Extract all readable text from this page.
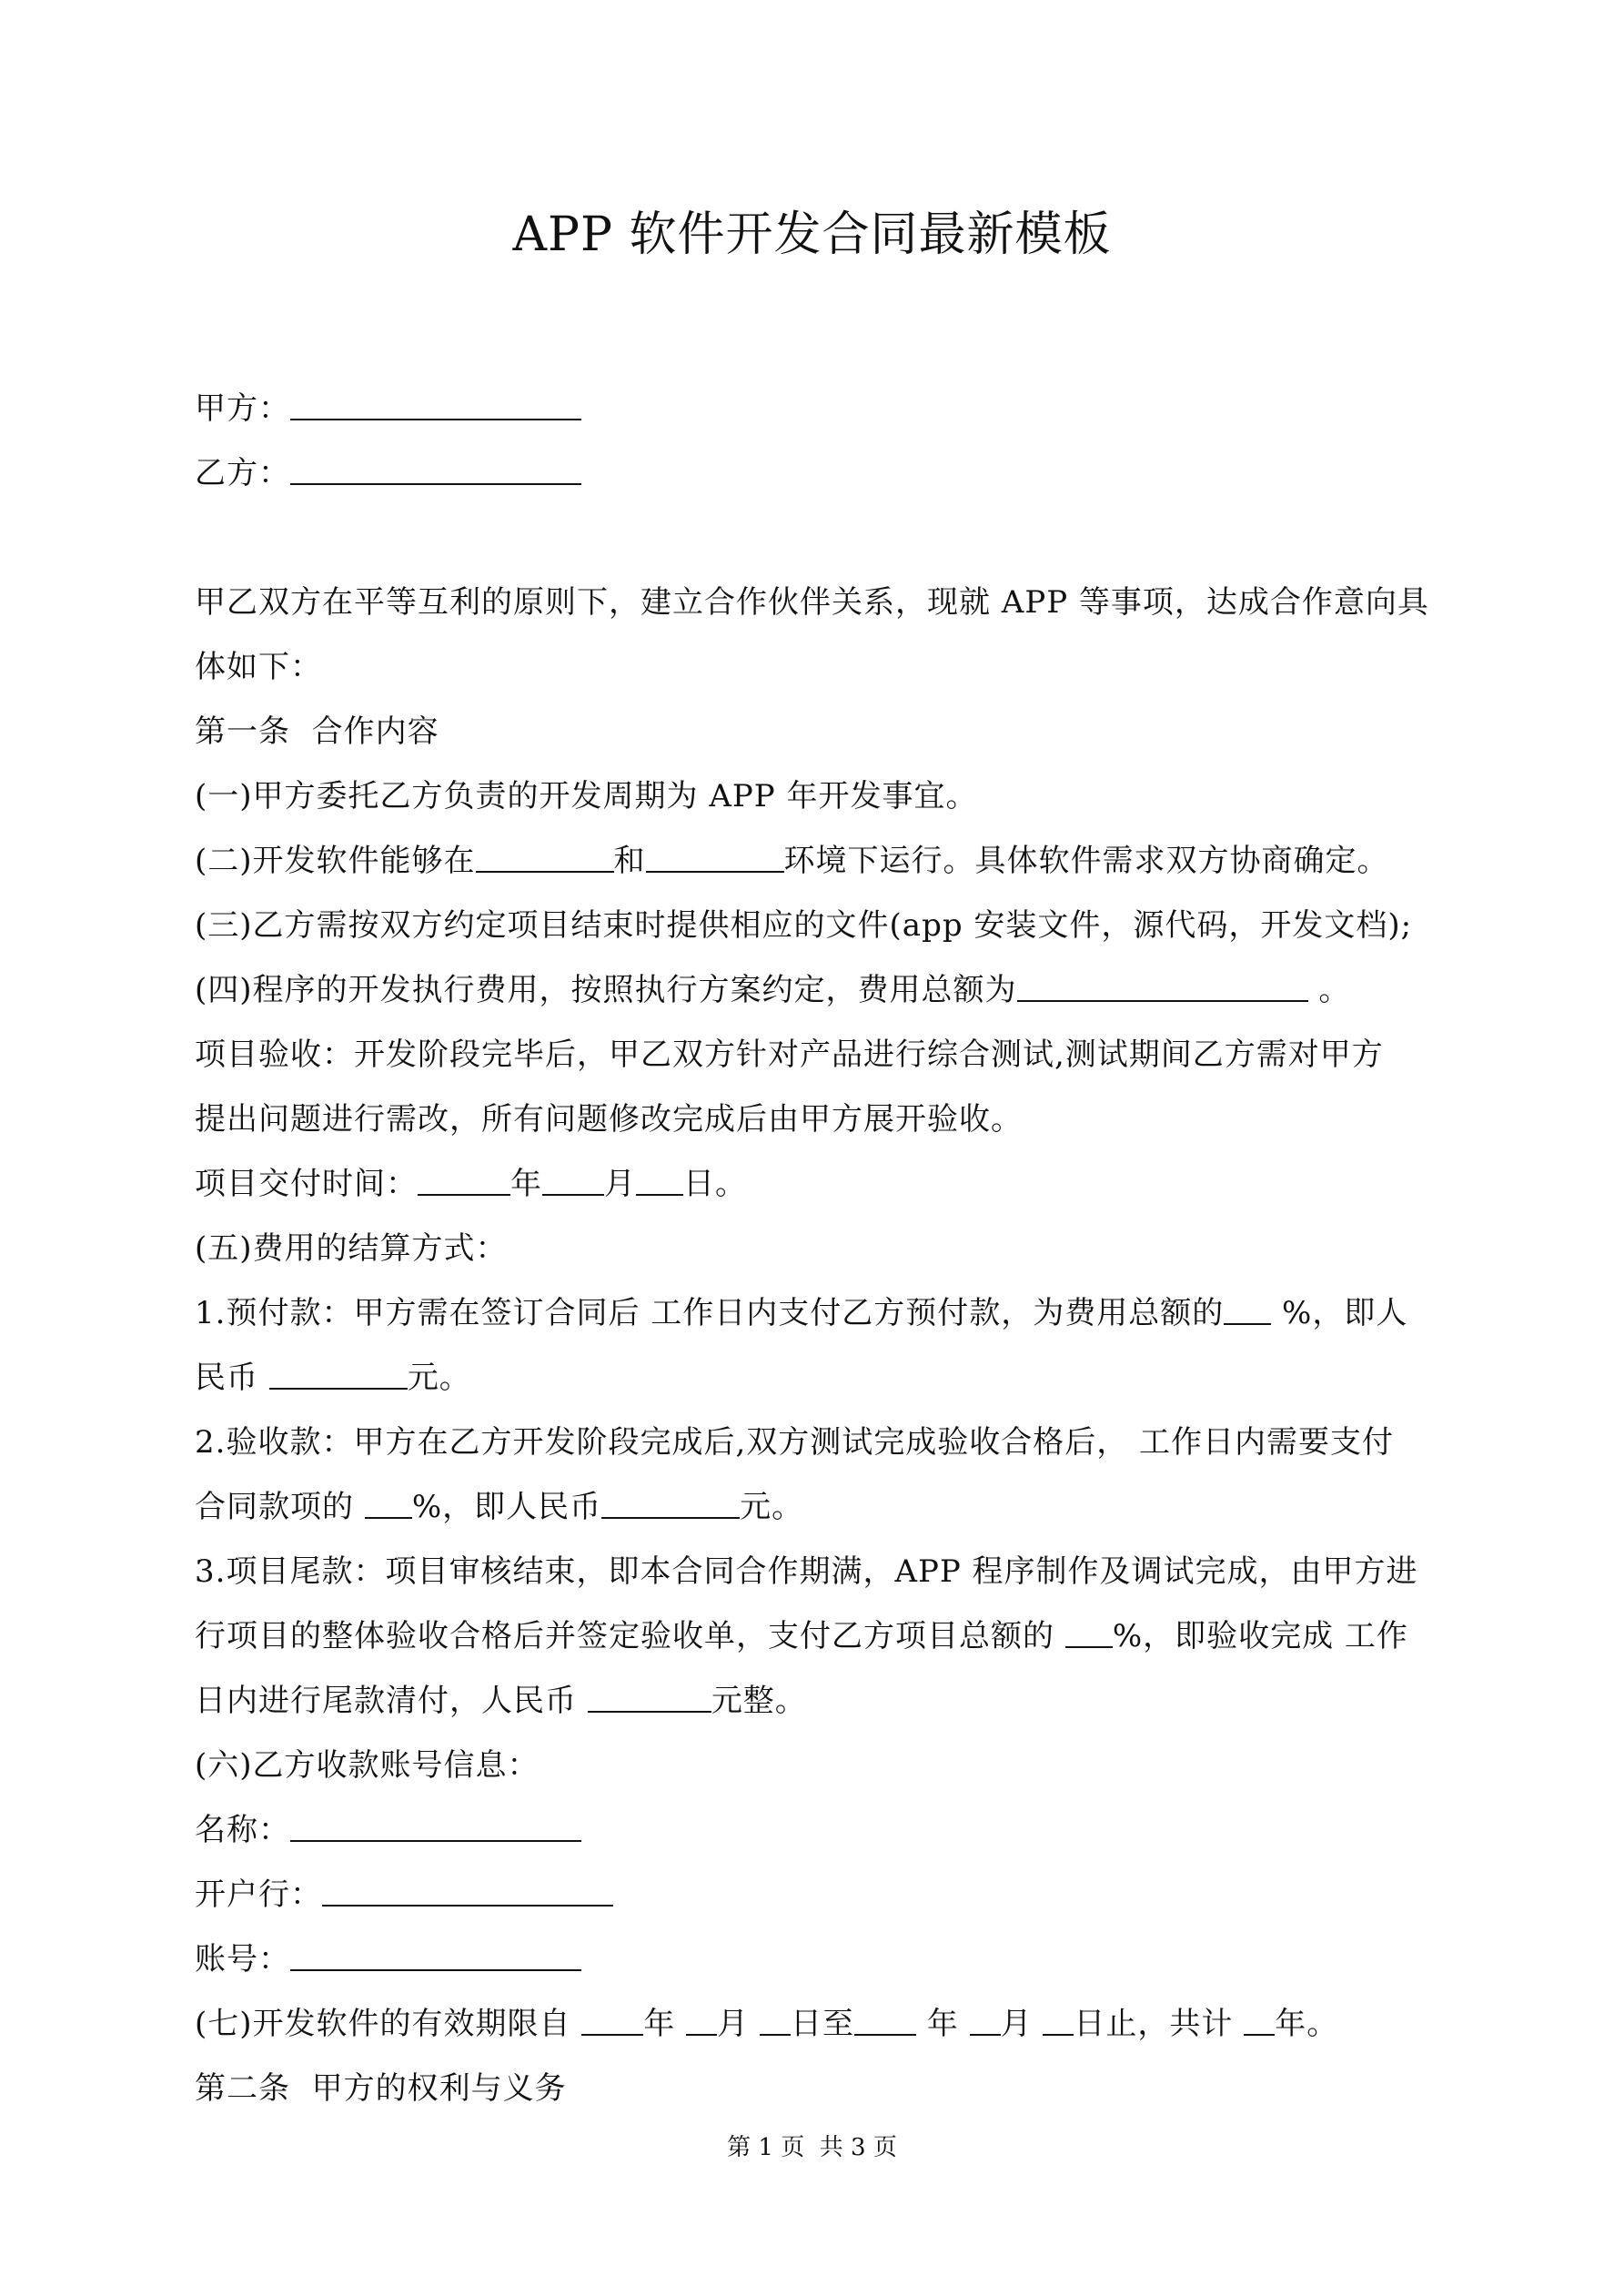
APP 软件开发合同最新模板
甲方：
乙方：
甲乙双方在平等互利的原则下，建立合作伙伴关系，现就 APP 等事项，达成合作意向具
体如下：
第一条  合作内容
(一)甲方委托乙方负责的开发周期为 APP 年开发事宜。
(二)开发软件能够在	和	环境下运行。具体软件需求双方协商确定。
(三)乙方需按双方约定项目结束时提供相应的文件(app 安装文件，源代码，开发文档);
(四)程序的开发执行费用，按照执行方案约定，费用总额为	。
项目验收：开发阶段完毕后，甲乙双方针对产品进行综合测试,测试期间乙方需对甲方
提出问题进行需改，所有问题修改完成后由甲方展开验收。
项目交付时间：	年 月 日。
(五)费用的结算方式：
1.预付款：甲方需在签订合同后 工作日内支付乙方预付款，为费用总额的 %，即人
民币	元。
2.验收款：甲方在乙方开发阶段完成后,双方测试完成验收合格后， 工作日内需要支付
合同款项的 %，即人民币	元。
3.项目尾款：项目审核结束，即本合同合作期满，APP 程序制作及调试完成，由甲方进
行项目的整体验收合格后并签定验收单，支付乙方项目总额的 %，即验收完成 工作
日内进行尾款清付，人民币	元整。
(六)乙方收款账号信息：
名称：
开户行：
账号：
(七)开发软件的有效期限自 年 月 日至 年 月 日止，共计 年。
第二条  甲方的权利与义务
第 1 页  共 3 页
